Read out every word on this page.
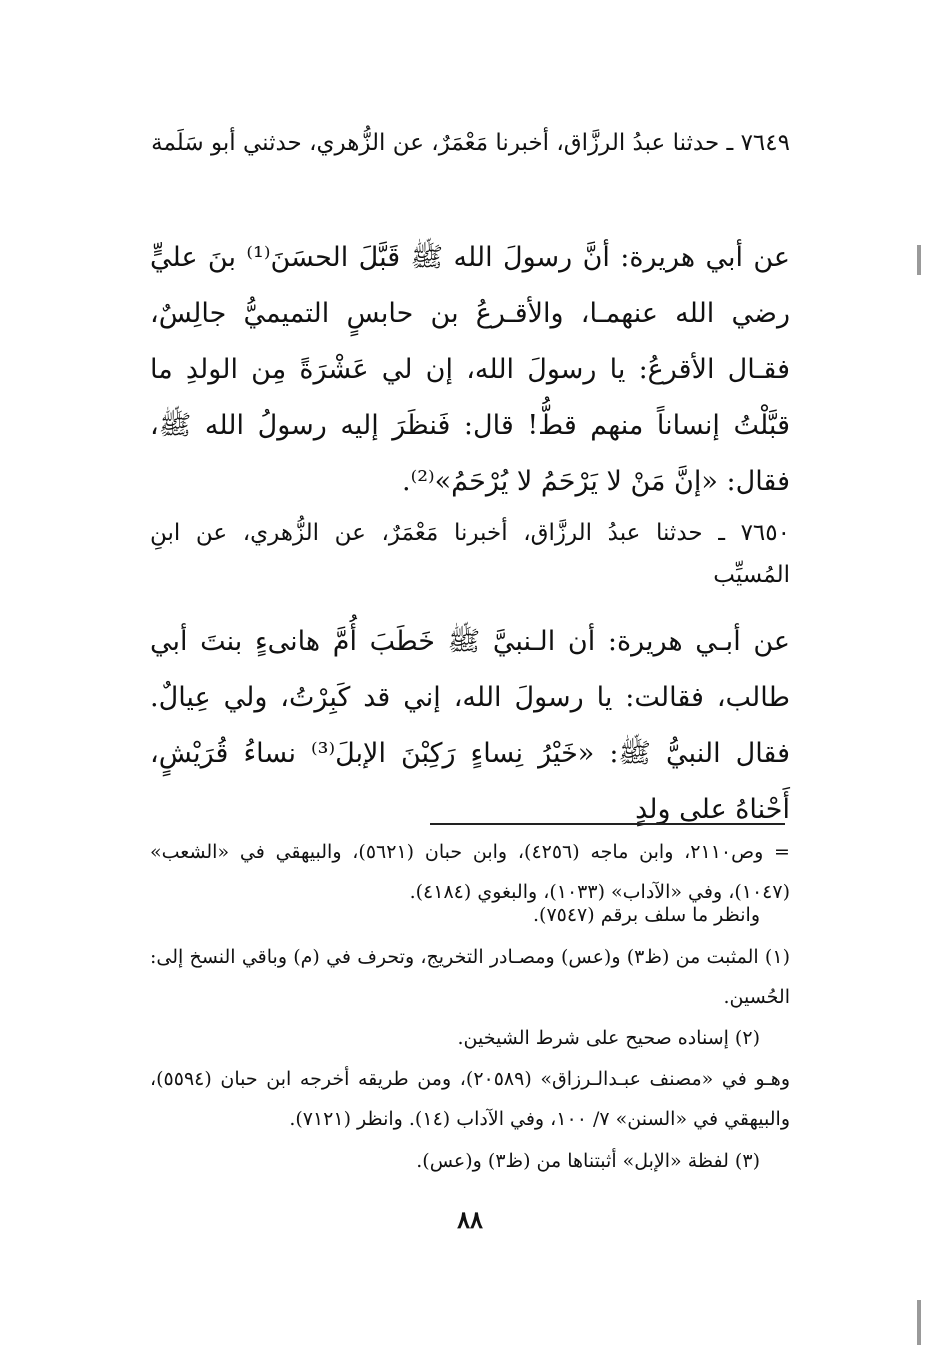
٧٦٤٩ ـ حدثنا عبدُ الرزَّاق، أخبرنا مَعْمَرٌ، عن الزُّهري، حدثني أبو سَلَمة

عن أبي هريرة: أنَّ رسولَ الله ﷺ قَبَّلَ الحسَنَ⁽¹⁾ بنَ عليٍّ رضي الله عنهمـا، والأقـرعُ بن حابسٍ التميميُّ جالِسٌ، فقـال الأقرعُ: يا رسولَ الله، إن لي عَشْرَةً مِن الولدِ ما قبَّلْتُ إنساناً منهم قطُّ! قال: فَنظَرَ إليه رسولُ الله ﷺ، فقال: «إنَّ مَنْ لا يَرْحَمُ لا يُرْحَمُ»⁽²⁾.

٧٦٥٠ ـ حدثنا عبدُ الرزَّاق، أخبرنا مَعْمَرٌ، عن الزُّهري، عن ابنِ المُسيِّب

عن أبـي هريرة: أن الـنبيَّ ﷺ خَطَبَ أُمَّ هانىءٍ بنتَ أبي طالب، فقالت: يا رسولَ الله، إني قد كَبِرْتُ، ولي عِيالٌ. فقال النبيُّ ﷺ: «خَيْرُ نِساءٍ رَكِبْنَ الإبلَ⁽³⁾ نساءُ قُرَيْشٍ، أَحْناهُ على ولدٍ

= وص٢١١٠، وابن ماجه (٤٢٥٦)، وابن حبان (٥٦٢١)، والبيهقي في «الشعب» (١٠٤٧)، وفي «الآداب» (١٠٣٣)، والبغوي (٤١٨٤).

وانظر ما سلف برقم (٧٥٤٧).

(١) المثبت من (ظ٣) و(عس) ومصـادر التخريج، وتحرف في (م) وباقي النسخ إلى: الحُسين.

(٢) إسناده صحيح على شرط الشيخين.

وهـو في «مصنف عبـدالـرزاق» (٢٠٥٨٩)، ومن طريقه أخرجه ابن حبان (٥٥٩٤)، والبيهقي في «السنن» ٧/ ١٠٠، وفي الآداب (١٤). وانظر (٧١٢١).

(٣) لفظة «الإبل» أثبتناها من (ظ٣) و(عس).

٨٨
